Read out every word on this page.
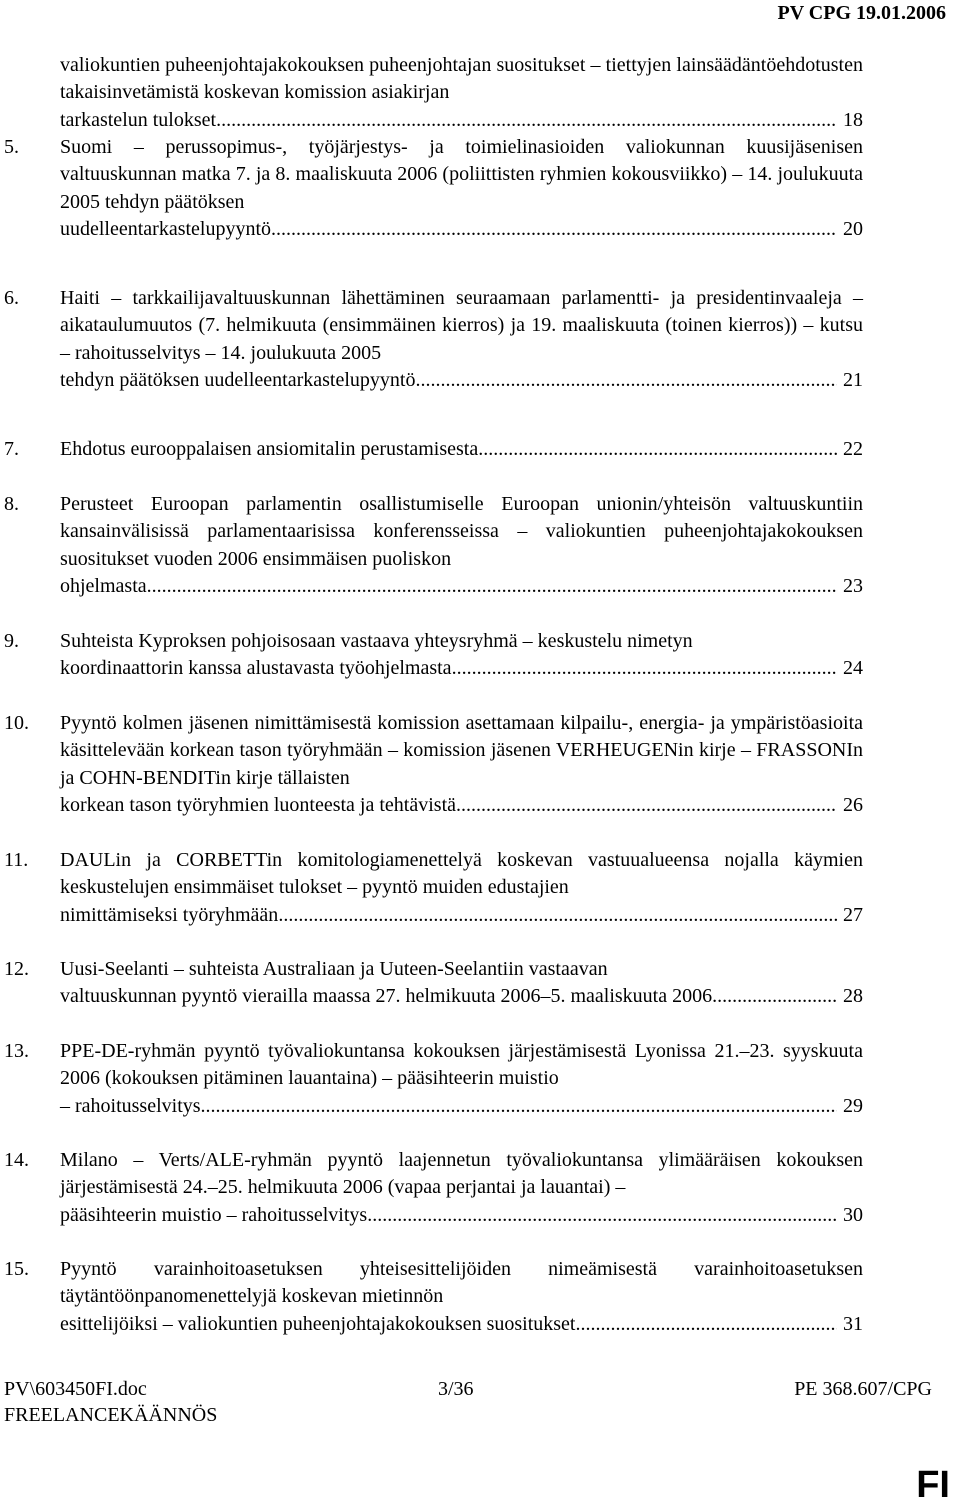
PV CPG 19.01.2006
valiokuntien puheenjohtajakokouksen puheenjohtajan suositukset – tiettyjen lainsäädäntöehdotusten takaisinvetämistä koskevan komission asiakirjan
tarkastelun tulokset .....	18
5. Suomi – perussopimus-, työjärjestys- ja toimielinasioiden valiokunnan kuusijäsenisen valtuuskunnan matka 7. ja 8. maaliskuuta 2006 (poliittisten ryhmien kokousviikko) – 14. joulukuuta 2005 tehdyn päätöksen
uudelleentarkastelupyyntö .....	20
6. Haiti – tarkkailijavaltuuskunnan lähettäminen seuraamaan parlamentti- ja presidentinvaaleja – aikataulumuutos (7. helmikuuta (ensimmäinen kierros) ja 19. maaliskuuta (toinen kierros)) – kutsu – rahoitusselvitys – 14. joulukuuta 2005
tehdyn päätöksen uudelleentarkastelupyyntö .....	21
7. Ehdotus eurooppalaisen ansiomitalin perustamisesta .....	22
8. Perusteet Euroopan parlamentin osallistumiselle Euroopan unionin/yhteisön valtuuskuntiin kansainvälisissä parlamentaarisissa konferensseissa – valiokuntien puheenjohtajakokouksen suositukset vuoden 2006 ensimmäisen puoliskon
ohjelmasta .....	23
9. Suhteista Kyproksen pohjoisosaan vastaava yhteysryhmä – keskustelu nimetyn
koordinaattorin kanssa alustavasta työohjelmasta .....	24
10. Pyyntö kolmen jäsenen nimittämisestä komission asettamaan kilpailu-, energia- ja ympäristöasioita käsittelevään korkean tason työryhmään – komission jäsenen VERHEUGENin kirje – FRASSONIn ja COHN-BENDITin kirje tällaisten
korkean tason työryhmien luonteesta ja tehtävistä .....	26
11. DAULin ja CORBETTin komitologiamenettelyä koskevan vastuualueensa nojalla käymien keskustelujen ensimmäiset tulokset – pyyntö muiden edustajien
nimittämiseksi työryhmään .....	27
12. Uusi-Seelanti – suhteista Australiaan ja Uuteen-Seelantiin vastaavan
valtuuskunnan pyyntö vierailla maassa 27. helmikuuta 2006–5. maaliskuuta 2006 .....	28
13. PPE-DE-ryhmän pyyntö työvaliokuntansa kokouksen järjestämisestä Lyonissa 21.–23. syyskuuta 2006 (kokouksen pitäminen lauantaina) – pääsihteerin muistio
– rahoitusselvitys .....	29
14. Milano – Verts/ALE-ryhmän pyyntö laajennetun työvaliokuntansa ylimääräisen kokouksen järjestämisestä 24.–25. helmikuuta 2006 (vapaa perjantai ja lauantai) –
pääsihteerin muistio – rahoitusselvitys .....	30
15. Pyyntö varainhoitoasetuksen yhteisesittelijöiden nimeämisestä varainhoitoasetuksen täytäntöönpanomenettelyjä koskevan mietinnön
esittelijöiksi – valiokuntien puheenjohtajakokouksen suositukset .....	31
PV\603450FI.doc	3/36	PE 368.607/CPG
FREELANCEKÄÄNNÖS
FI
